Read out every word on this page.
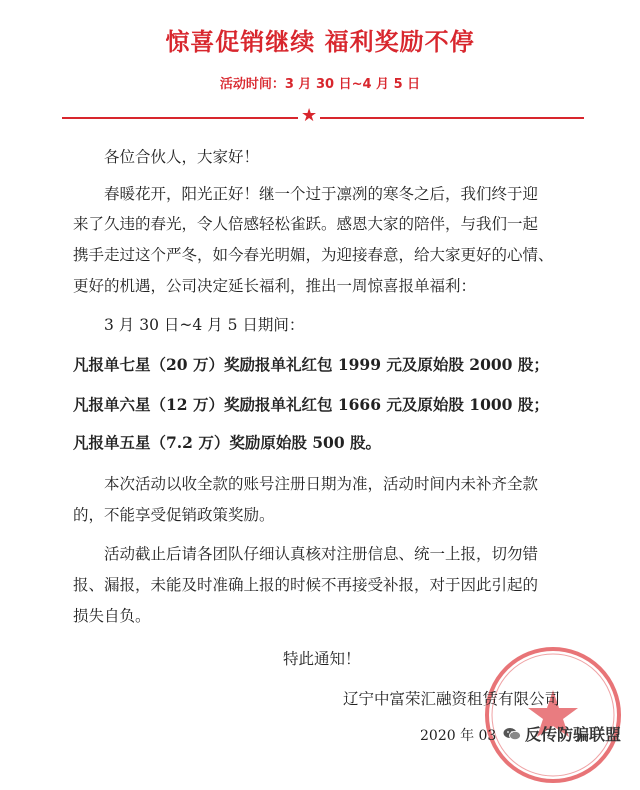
惊喜促销继续 福利奖励不停
活动时间：3 月 30 日~4 月 5 日
★
各位合伙人，大家好！
春暖花开，阳光正好！继一个过于凛冽的寒冬之后，我们终于迎
来了久违的春光，令人倍感轻松雀跃。感恩大家的陪伴，与我们一起
携手走过这个严冬，如今春光明媚，为迎接春意，给大家更好的心情、
更好的机遇，公司决定延长福利，推出一周惊喜报单福利：
3 月 30 日~4 月 5 日期间：
凡报单七星（20 万）奖励报单礼红包 1999 元及原始股 2000 股；
凡报单六星（12 万）奖励报单礼红包 1666 元及原始股 1000 股；
凡报单五星（7.2 万）奖励原始股 500 股。
本次活动以收全款的账号注册日期为准，活动时间内未补齐全款
的，不能享受促销政策奖励。
活动截止后请各团队仔细认真核对注册信息、统一上报，切勿错
报、漏报，未能及时准确上报的时候不再接受补报，对于因此引起的
损失自负。
特此通知！
辽宁中富荣汇融资租赁有限公司
2020 年 03 反传防骗联盟
